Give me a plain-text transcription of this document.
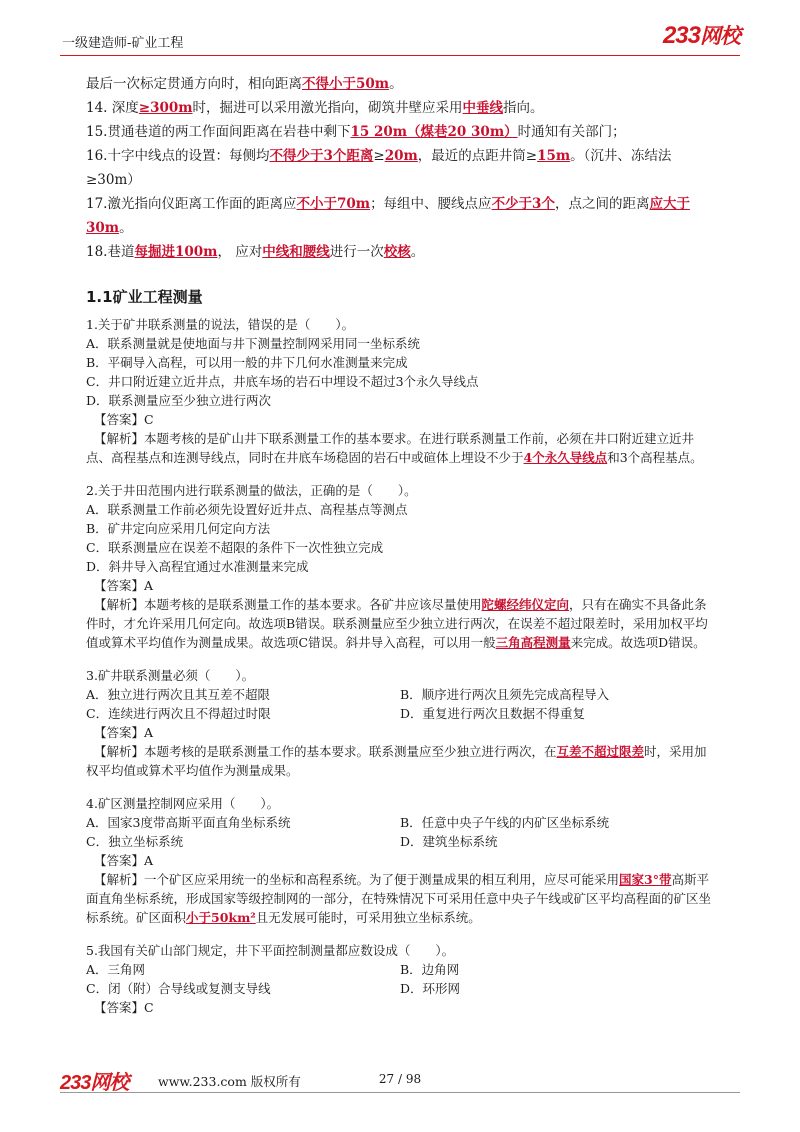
一级建造师-矿业工程	233网校

最后一次标定贯通方向时，相向距离不得小于50m。

14. 深度≥300m时，掘进可以采用激光指向，砌筑井壁应采用中垂线指向。

15.贯通巷道的两工作面间距离在岩巷中剩下15 20m（煤巷20 30m）时通知有关部门；

16.十字中线点的设置：每侧均不得少于3个距离≥20m，最近的点距井筒≥15m。（沉井、冻结法≥30m）

17.激光指向仪距离工作面的距离应不小于70m；每组中、腰线点应不少于3个，点之间的距离应大于30m。

18.巷道每掘进100m， 应对中线和腰线进行一次校核。

1.1矿业工程测量

1.关于矿井联系测量的说法，错误的是（　　）。

A．联系测量就是使地面与井下测量控制网采用同一坐标系统

B．平硐导入高程，可以用一般的井下几何水准测量来完成

C．井口附近建立近井点，井底车场的岩石中埋设不超过3个永久导线点

D．联系测量应至少独立进行两次

【答案】C

【解析】本题考核的是矿山井下联系测量工作的基本要求。在进行联系测量工作前，必须在井口附近建立近井点、高程基点和连测导线点，同时在井底车场稳固的岩石中或碹体上埋设不少于4个永久导线点和3个高程基点。

2.关于井田范围内进行联系测量的做法，正确的是（　　）。

A．联系测量工作前必须先设置好近井点、高程基点等测点

B．矿井定向应采用几何定向方法

C．联系测量应在误差不超限的条件下一次性独立完成

D．斜井导入高程宜通过水准测量来完成

【答案】A

【解析】本题考核的是联系测量工作的基本要求。各矿井应该尽量使用陀螺经纬仪定向，只有在确实不具备此条件时，才允许采用几何定向。故选项B错误。联系测量应至少独立进行两次，在误差不超过限差时，采用加权平均值或算术平均值作为测量成果。故选项C错误。斜井导入高程，可以用一般三角高程测量来完成。故选项D错误。

3.矿井联系测量必须（　　）。

A．独立进行两次且其互差不超限	B．顺序进行两次且须先完成高程导入
C．连续进行两次且不得超过时限	D．重复进行两次且数据不得重复

【答案】A

【解析】本题考核的是联系测量工作的基本要求。联系测量应至少独立进行两次，在互差不超过限差时，采用加权平均值或算术平均值作为测量成果。

4.矿区测量控制网应采用（　　）。

A．国家3度带高斯平面直角坐标系统	B．任意中央子午线的内矿区坐标系统
C．独立坐标系统	D．建筑坐标系统

【答案】A

【解析】一个矿区应采用统一的坐标和高程系统。为了便于测量成果的相互利用，应尽可能采用国家3°带高斯平面直角坐标系统，形成国家等级控制网的一部分，在特殊情况下可采用任意中央子午线或矿区平均高程面的矿区坐标系统。矿区面积小于50km²且无发展可能时，可采用独立坐标系统。

5.我国有关矿山部门规定，井下平面控制测量都应数设成（　　）。

A．三角网	B．边角网
C．闭（附）合导线或复测支导线	D．环形网

【答案】C

233网校 www.233.com 版权所有	27 / 98
